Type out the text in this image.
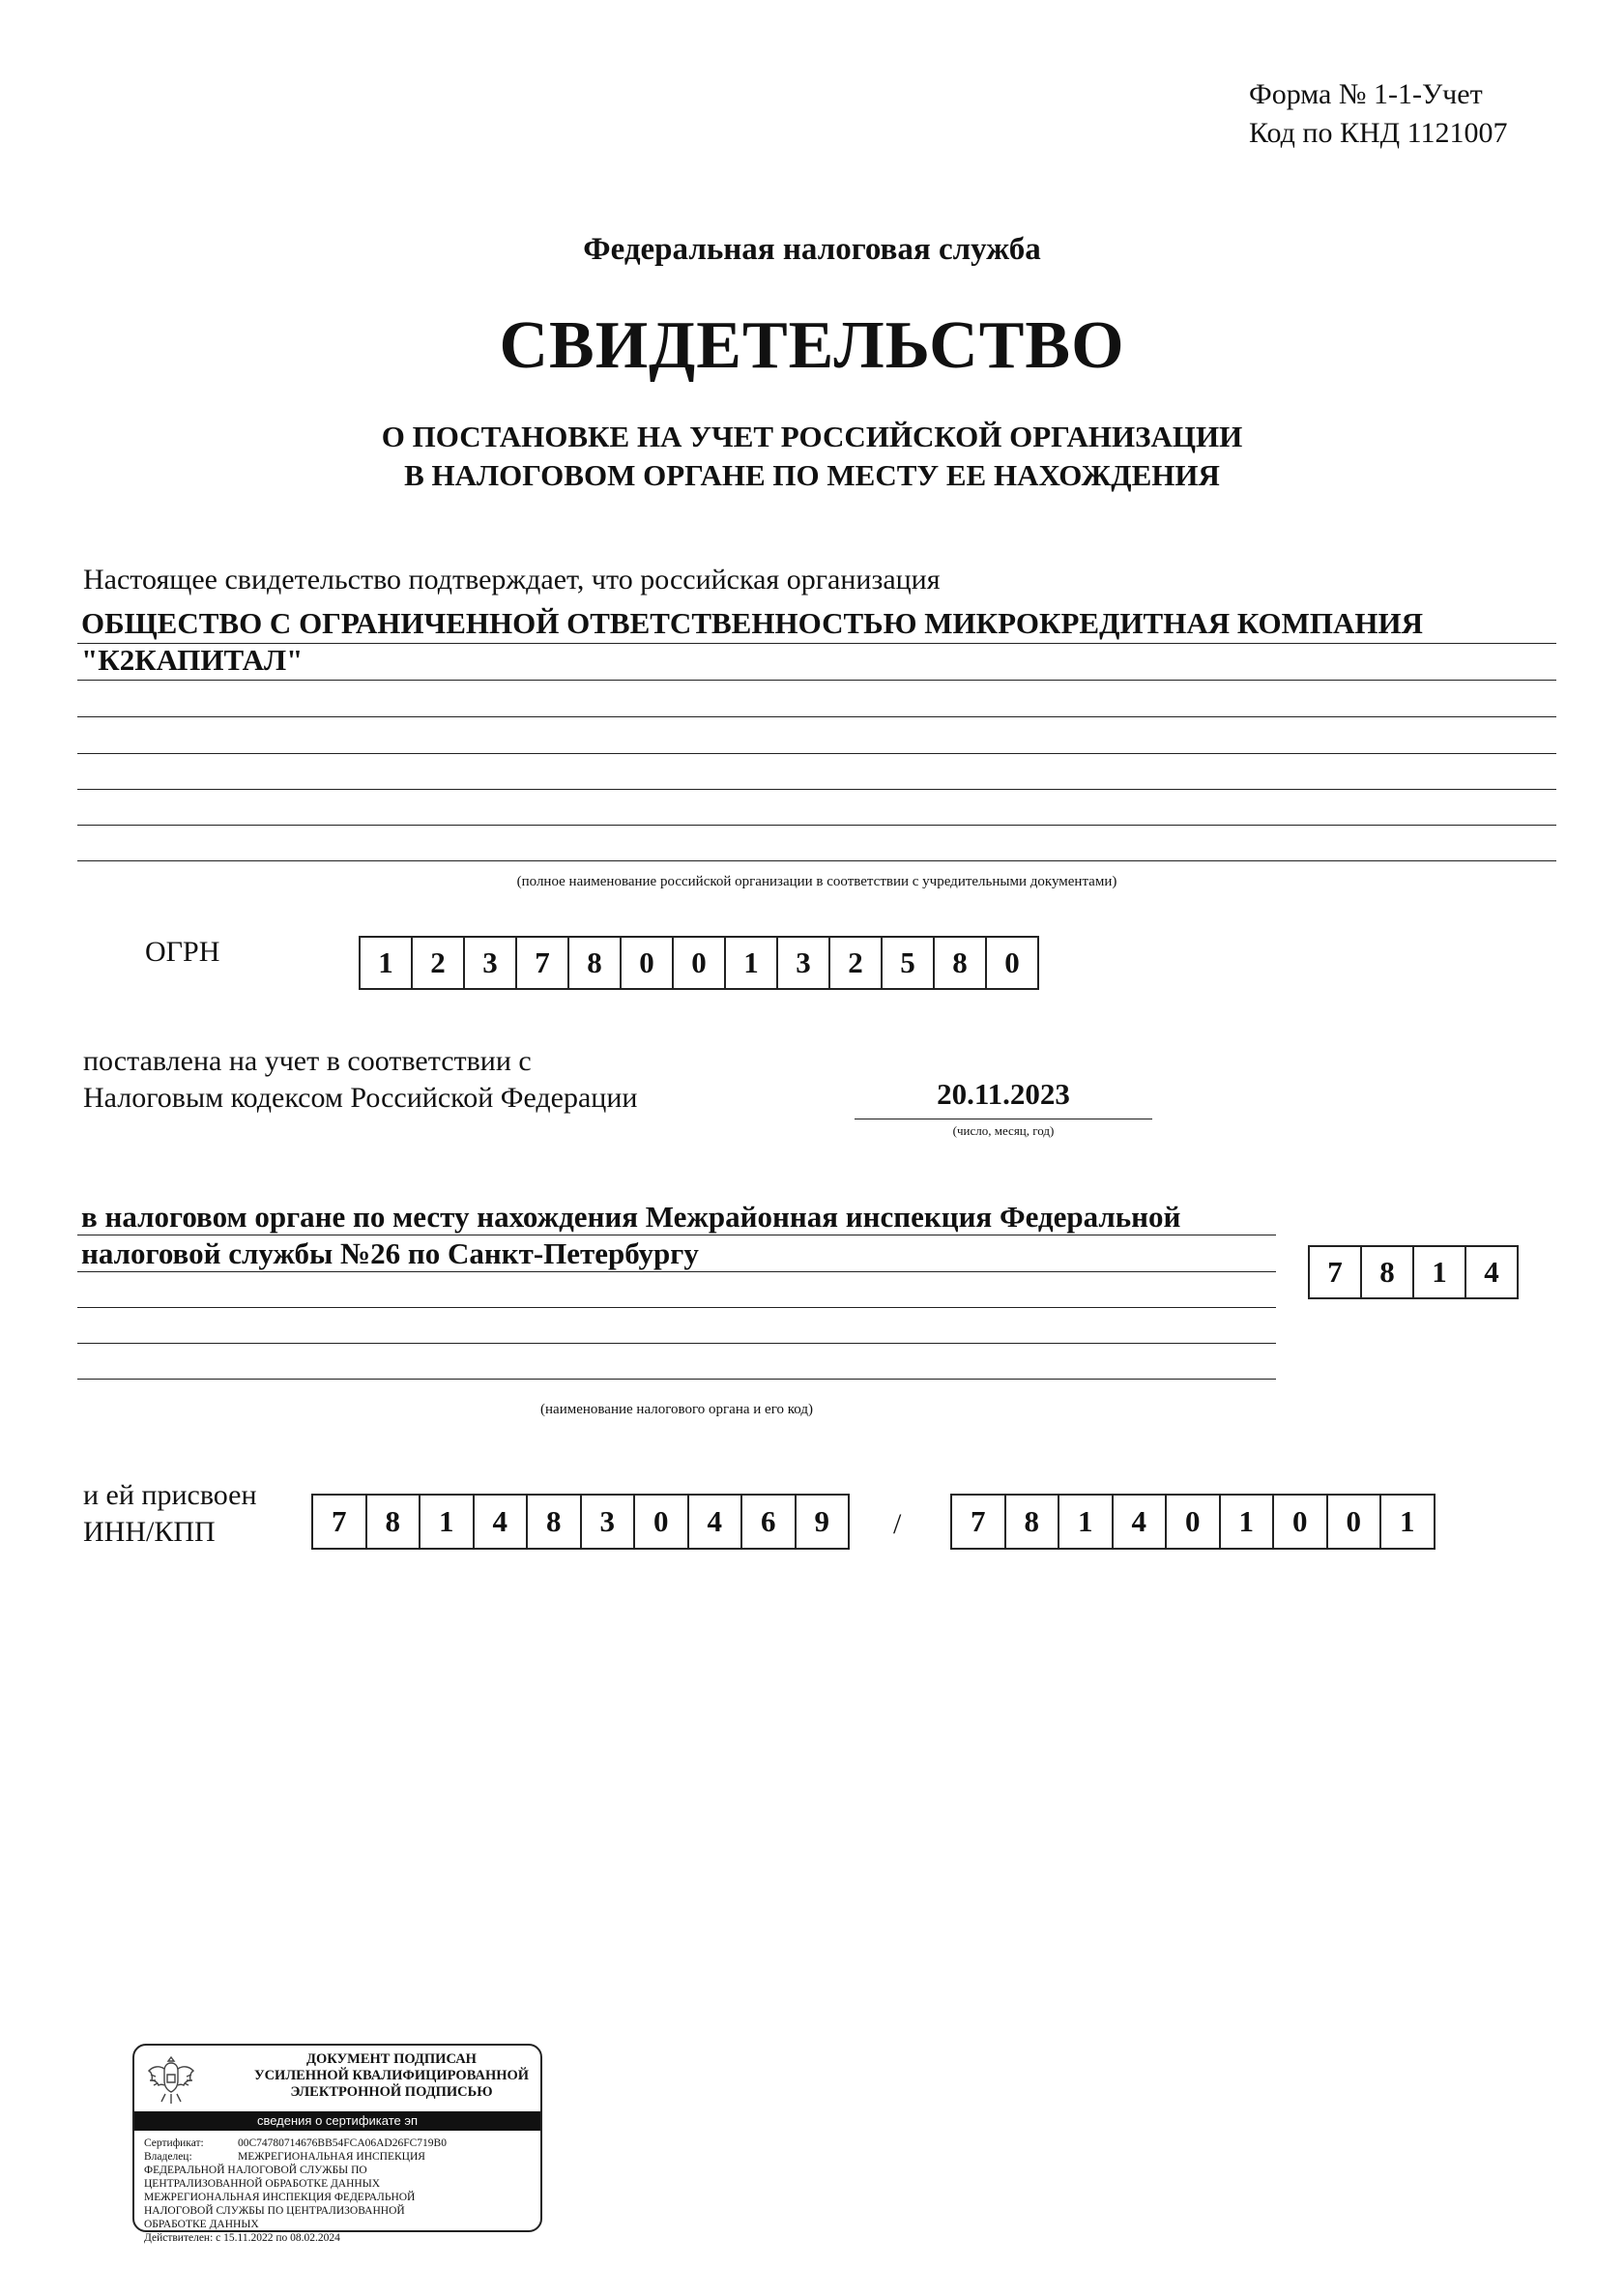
Форма № 1-1-Учет
Код по КНД 1121007
Федеральная налоговая служба
СВИДЕТЕЛЬСТВО
О ПОСТАНОВКЕ НА УЧЕТ РОССИЙСКОЙ ОРГАНИЗАЦИИ
В НАЛОГОВОМ ОРГАНЕ ПО МЕСТУ ЕЕ НАХОЖДЕНИЯ
Настоящее свидетельство подтверждает, что российская организация
ОБЩЕСТВО С ОГРАНИЧЕННОЙ ОТВЕТСТВЕННОСТЬЮ МИКРОКРЕДИТНАЯ КОМПАНИЯ
"К2КАПИТАЛ"
(полное наименование российской организации в соответствии с учредительными документами)
ОГРН	1	2	3	7	8	0	0	1	3	2	5	8	0
поставлена на учет в соответствии с
Налоговым кодексом Российской Федерации	20.11.2023
(число, месяц, год)
в налоговом органе по месту нахождения Межрайонная инспекция Федеральной
налоговой службы №26 по Санкт-Петербургу
7	8	1	4
(наименование налогового органа и его код)
и ей присвоен
ИНН/КПП	7	8	1	4	8	3	0	4	6	9	/	7	8	1	4	0	1	0	0	1
ДОКУМЕНТ ПОДПИСАН
УСИЛЕННОЙ КВАЛИФИЦИРОВАННОЙ
ЭЛЕКТРОННОЙ ПОДПИСЬЮ
сведения о сертификате эп
Сертификат:	00C74780714676BB54FCA06AD26FC719B0
Владелец:	МЕЖРЕГИОНАЛЬНАЯ ИНСПЕКЦИЯ
ФЕДЕРАЛЬНОЙ НАЛОГОВОЙ СЛУЖБЫ ПО
ЦЕНТРАЛИЗОВАННОЙ ОБРАБОТКЕ ДАННЫХ
МЕЖРЕГИОНАЛЬНАЯ ИНСПЕКЦИЯ ФЕДЕРАЛЬНОЙ
НАЛОГОВОЙ СЛУЖБЫ ПО ЦЕНТРАЛИЗОВАННОЙ
ОБРАБОТКЕ ДАННЫХ
Действителен: с 15.11.2022 по 08.02.2024
